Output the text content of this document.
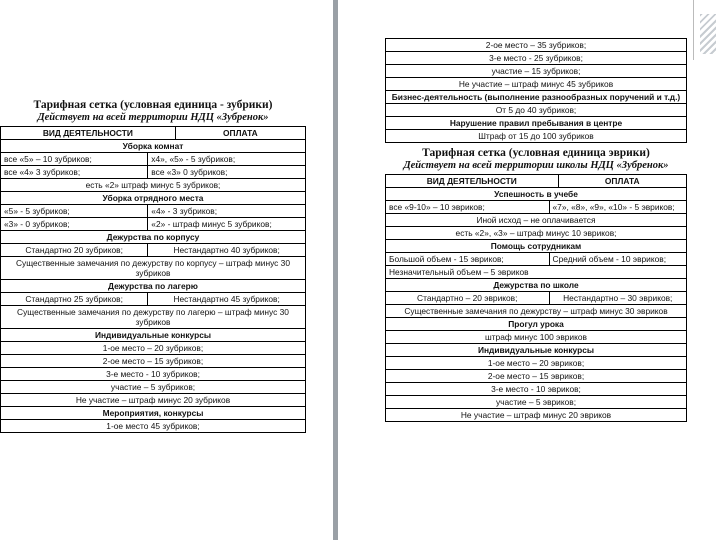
Тарифная сетка (условная единица - зубрики)
Действует на всей территории НДЦ «Зубренок»
ВИД ДЕЯТЕЛЬНОСТИ	ОПЛАТА
Уборка комнат
все «5» – 10 зубриков;	х4», «5» - 5 зубриков;
все «4» 3 зубриков;	все «3» 0 зубриков;
есть «2» штраф минус 5 зубриков;
Уборка отрядного места
«5» - 5 зубриков;	«4» - 3 зубриков;
«3» - 0 зубриков;	«2» - штраф минус 5 зубриков;
Дежурства по корпусу
Стандартно 20 зубриков;	Нестандартно 40 зубриков;
Существенные замечания по дежурству по корпусу – штраф минус 30 зубриков
Дежурства по лагерю
Стандартно 25 зубриков;	Нестандартно 45 зубриков;
Существенные замечания по дежурству по лагерю – штраф минус 30 зубриков
Индивидуальные конкурсы
1-ое место – 20 зубриков;
2-ое место – 15 зубриков;
3-е место - 10 зубриков;
участие – 5 зубриков;
Не участие – штраф минус 20 зубриков
Мероприятия, конкурсы
1-ое место 45 зубриков;
2-ое место – 35 зубриков;
3-е место - 25 зубриков;
участие – 15 зубриков;
Не участие – штраф минус 45 зубриков
Бизнес-деятельность (выполнение разнообразных поручений и т.д.)
От 5 до 40 зубриков;
Нарушение правил пребывания в центре
Штраф от 15 до 100 зубриков
Тарифная сетка (условная единица эврики)
Действует на всей территории школы НДЦ «Зубренок»
ВИД ДЕЯТЕЛЬНОСТИ	ОПЛАТА
Успешность в учебе
все «9-10» – 10 эвриков;	«7», «8», «9», «10» - 5 эвриков;
Иной исход – не оплачивается
есть «2», «3» – штраф минус 10 эвриков;
Помощь сотрудникам
Большой объем - 15 эвриков;	Средний объем - 10 эвриков;
Незначительный объем – 5 эвриков
Дежурства по школе
Стандартно – 20 эвриков;	Нестандартно – 30 эвриков;
Существенные замечания по дежурству – штраф минус 30 эвриков
Прогул урока
штраф минус 100 эвриков
Индивидуальные конкурсы
1-ое место – 20 эвриков;
2-ое место – 15 эвриков;
3-е место - 10 эвриков;
участие – 5 эвриков;
Не участие – штраф минус 20 эвриков
